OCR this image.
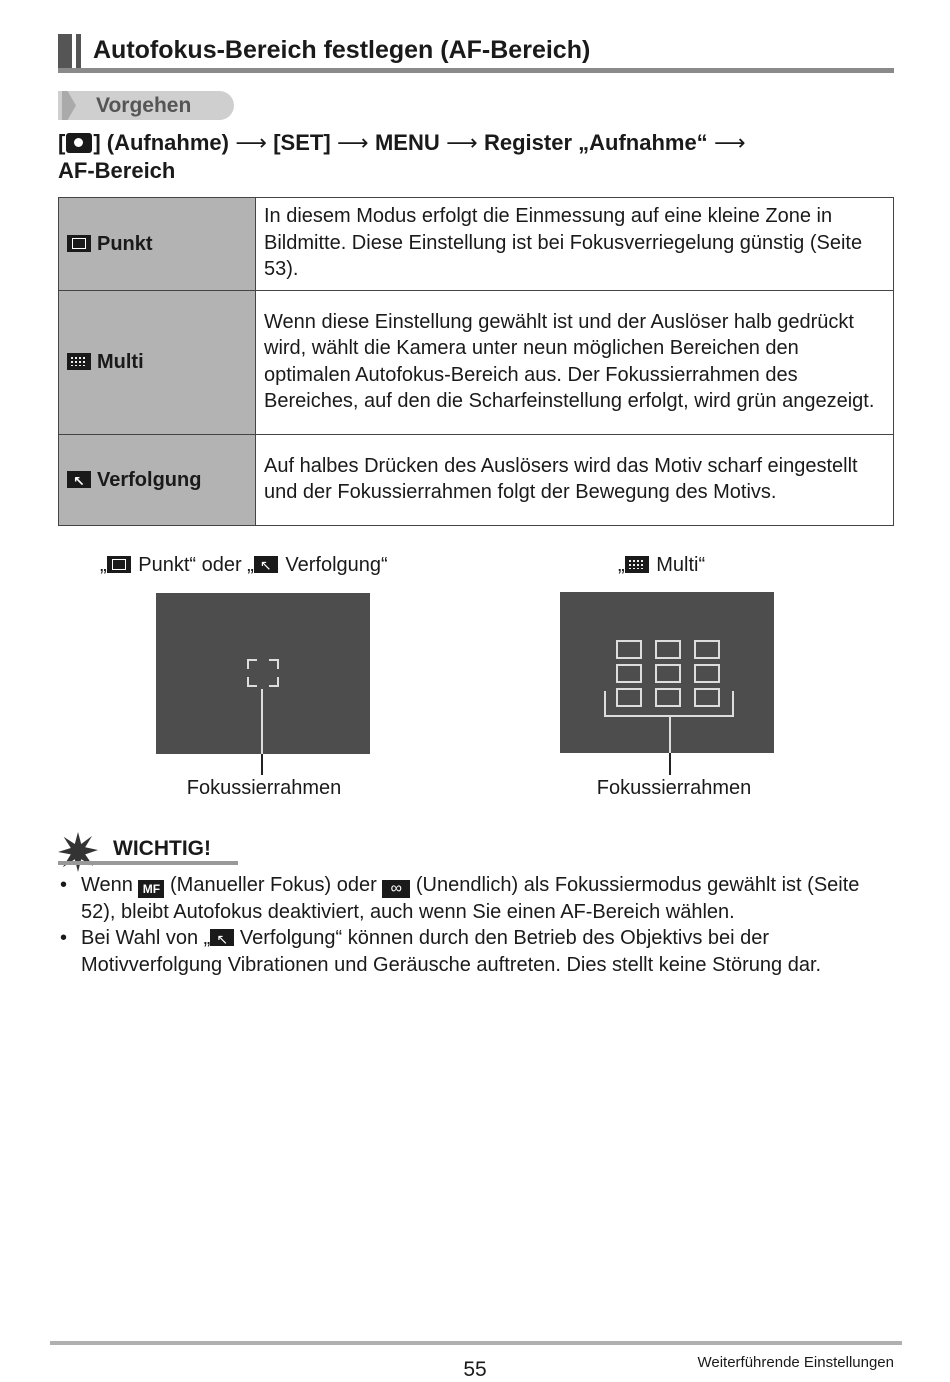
Autofokus-Bereich festlegen (AF-Bereich)
Vorgehen
[ ] (Aufnahme) ⟶ [SET] ⟶ MENU ⟶ Register „Aufnahme“ ⟶
AF-Bereich
Punkt	In diesem Modus erfolgt die Einmessung auf eine kleine Zone in Bildmitte. Diese Einstellung ist bei Fokusverriegelung günstig (Seite 53).
Multi	Wenn diese Einstellung gewählt ist und der Auslöser halb gedrückt wird, wählt die Kamera unter neun möglichen Bereichen den optimalen Autofokus-Bereich aus. Der Fokussierrahmen des Bereiches, auf den die Scharfeinstellung erfolgt, wird grün angezeigt.
↖Verfolgung	Auf halbes Drücken des Auslösers wird das Motiv scharf eingestellt und der Fokussierrahmen folgt der Bewegung des Motivs.
„ Punkt“ oder „↖ Verfolgung“
Fokussierrahmen
„ Multi“
Fokussierrahmen
WICHTIG!
• Wenn MF (Manueller Fokus) oder ∞ (Unendlich) als Fokussiermodus gewählt ist (Seite 52), bleibt Autofokus deaktiviert, auch wenn Sie einen AF-Bereich wählen.
• Bei Wahl von „↖ Verfolgung“ können durch den Betrieb des Objektivs bei der Motivverfolgung Vibrationen und Geräusche auftreten. Dies stellt keine Störung dar.
55	Weiterführende Einstellungen
